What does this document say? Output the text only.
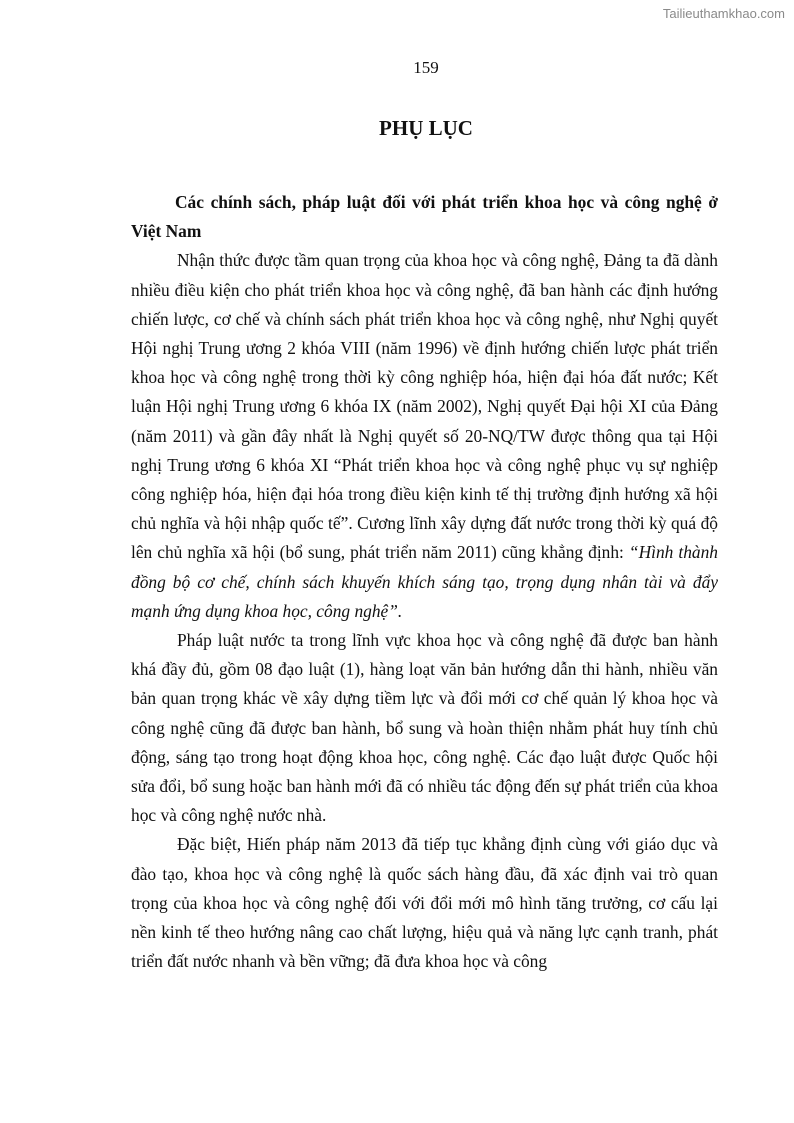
Tailieuthamkhao.com
159
PHỤ LỤC

Các chính sách, pháp luật đối với phát triển khoa học và công nghệ ở Việt Nam

Nhận thức được tầm quan trọng của khoa học và công nghệ, Đảng ta đã dành nhiều điều kiện cho phát triển khoa học và công nghệ, đã ban hành các định hướng chiến lược, cơ chế và chính sách phát triển khoa học và công nghệ, như Nghị quyết Hội nghị Trung ương 2 khóa VIII (năm 1996) về định hướng chiến lược phát triển khoa học và công nghệ trong thời kỳ công nghiệp hóa, hiện đại hóa đất nước; Kết luận Hội nghị Trung ương 6 khóa IX (năm 2002), Nghị quyết Đại hội XI của Đảng (năm 2011) và gần đây nhất là Nghị quyết số 20-NQ/TW được thông qua tại Hội nghị Trung ương 6 khóa XI “Phát triển khoa học và công nghệ phục vụ sự nghiệp công nghiệp hóa, hiện đại hóa trong điều kiện kinh tế thị trường định hướng xã hội chủ nghĩa và hội nhập quốc tế”. Cương lĩnh xây dựng đất nước trong thời kỳ quá độ lên chủ nghĩa xã hội (bổ sung, phát triển năm 2011) cũng khẳng định: “Hình thành đồng bộ cơ chế, chính sách khuyến khích sáng tạo, trọng dụng nhân tài và đẩy mạnh ứng dụng khoa học, công nghệ”.

Pháp luật nước ta trong lĩnh vực khoa học và công nghệ đã được ban hành khá đầy đủ, gồm 08 đạo luật (1), hàng loạt văn bản hướng dẫn thi hành, nhiều văn bản quan trọng khác về xây dựng tiềm lực và đổi mới cơ chế quản lý khoa học và công nghệ cũng đã được ban hành, bổ sung và hoàn thiện nhằm phát huy tính chủ động, sáng tạo trong hoạt động khoa học, công nghệ. Các đạo luật được Quốc hội sửa đổi, bổ sung hoặc ban hành mới đã có nhiều tác động đến sự phát triển của khoa học và công nghệ nước nhà.

Đặc biệt, Hiến pháp năm 2013 đã tiếp tục khẳng định cùng với giáo dục và đào tạo, khoa học và công nghệ là quốc sách hàng đầu, đã xác định vai trò quan trọng của khoa học và công nghệ đối với đổi mới mô hình tăng trưởng, cơ cấu lại nền kinh tế theo hướng nâng cao chất lượng, hiệu quả và năng lực cạnh tranh, phát triển đất nước nhanh và bền vững; đã đưa khoa học và công
